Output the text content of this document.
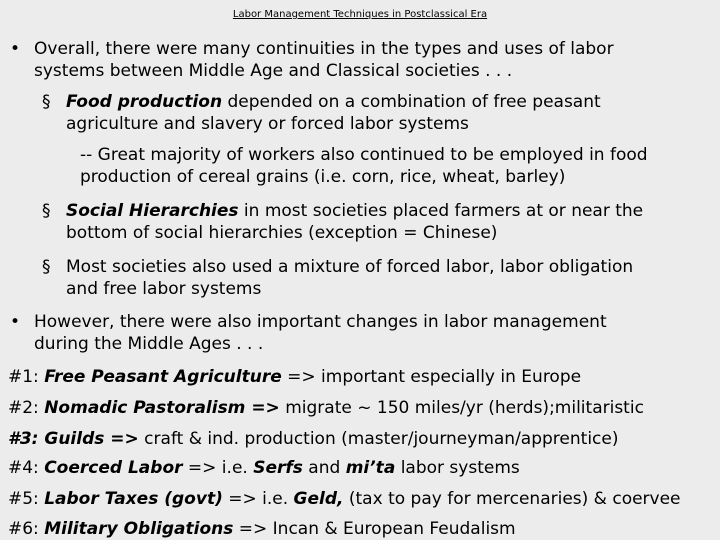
Labor Management Techniques in Postclassical Era
• Overall, there were many continuities in the types and uses of labor
systems between Middle Age and Classical societies . . .
§ Food production depended on a combination of free peasant
agriculture and slavery or forced labor systems
-- Great majority of workers also continued to be employed in food
production of cereal grains (i.e. corn, rice, wheat, barley)
§ Social Hierarchies in most societies placed farmers at or near the
bottom of social hierarchies (exception = Chinese)
§ Most societies also used a mixture of forced labor, labor obligation
and free labor systems
• However, there were also important changes in labor management
during the Middle Ages . . .
#1: Free Peasant Agriculture => important especially in Europe
#2: Nomadic Pastoralism => migrate ~ 150 miles/yr (herds);militaristic
#3: Guilds => craft & ind. production (master/journeyman/apprentice)
#4: Coerced Labor => i.e. Serfs and mi’ta labor systems
#5: Labor Taxes (govt) => i.e. Geld, (tax to pay for mercenaries) & coervee
#6: Military Obligations => Incan & European Feudalism
